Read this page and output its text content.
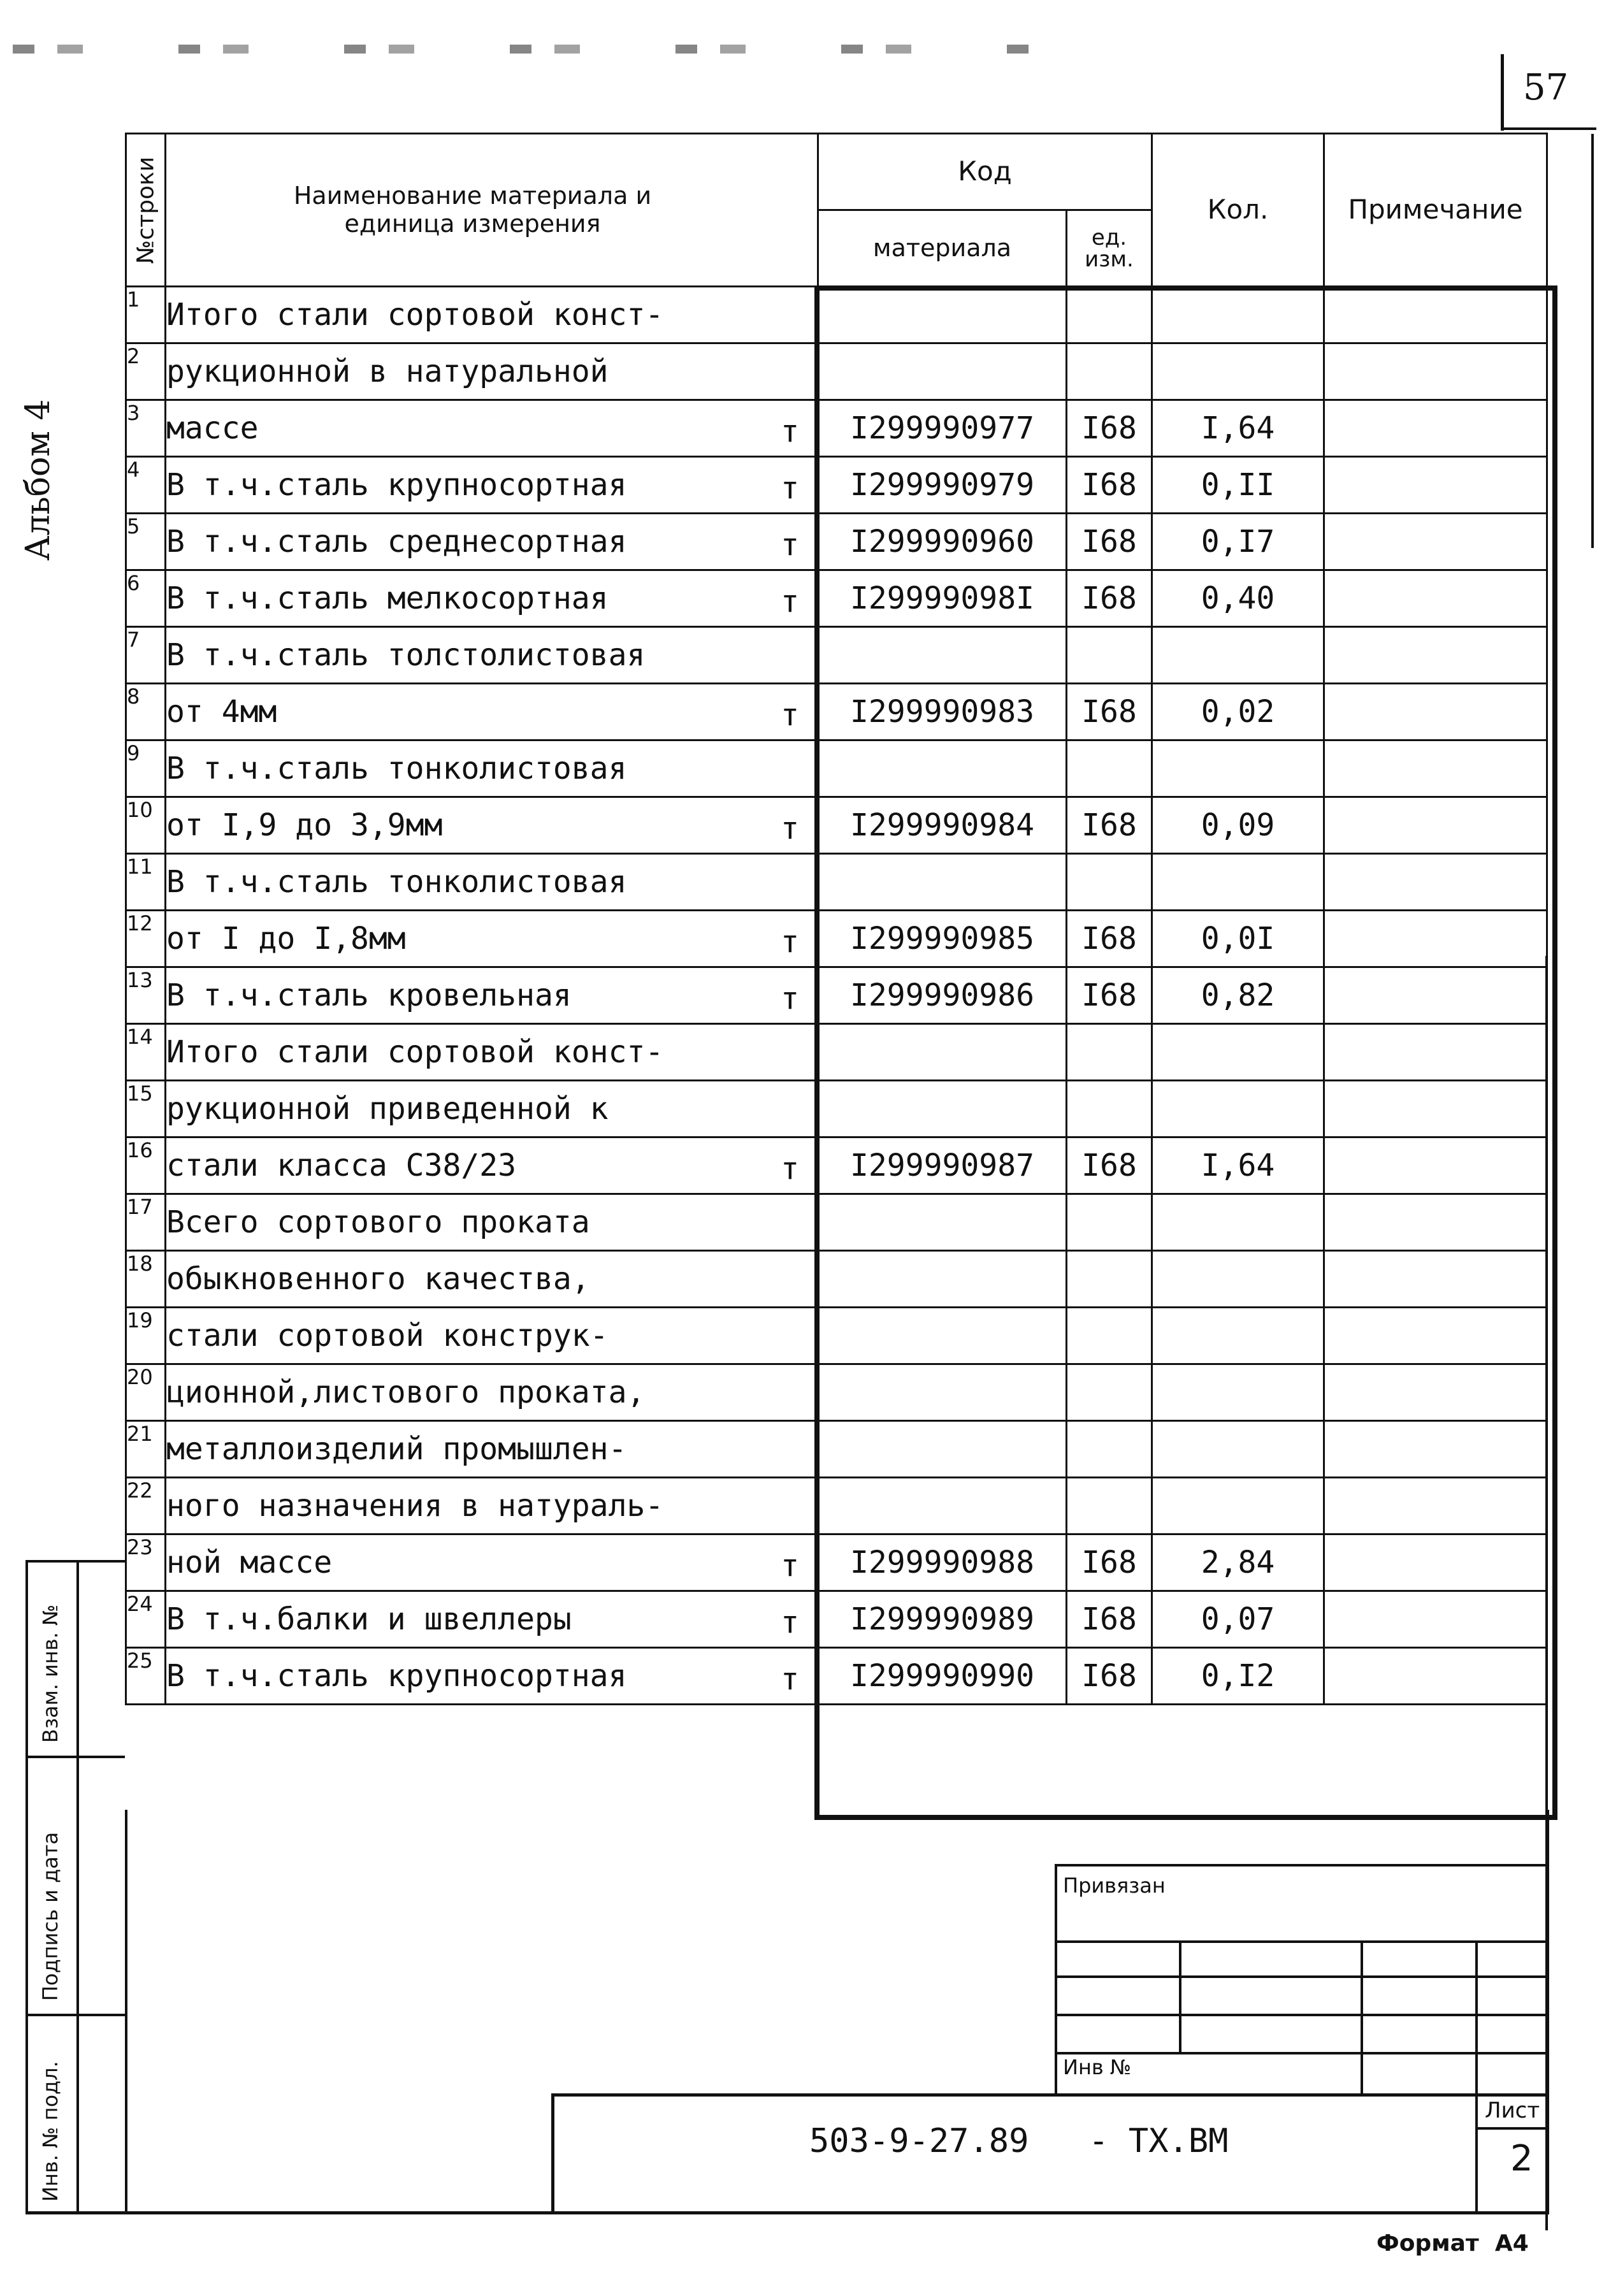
57
Альбом 4
№строки	Наименование материала и единица измерения	Код		Кол.	Примечание
		материала	ед. изм.		
1	Итого стали сортовой конст-

2	рукционной в натуральной

3	массе т	I299990977	I68	I,64	
4	В т.ч.сталь крупносортная т	I299990979	I68	0,II	
5	В т.ч.сталь среднесортная т	I299990960	I68	0,I7	
6	В т.ч.сталь мелкосортная т	I29999098I	I68	0,40	
7	В т.ч.сталь толстолистовая

8	от 4мм т	I299990983	I68	0,02	
9	В т.ч.сталь тонколистовая

10	от I,9 до 3,9мм т	I299990984	I68	0,09	
11	В т.ч.сталь тонколистовая

12	от I до I,8мм т	I299990985	I68	0,0I	
13	В т.ч.сталь кровельная т	I299990986	I68	0,82	
14	Итого стали сортовой конст-

15	рукционной приведенной к

16	стали класса С38/23 т	I299990987	I68	I,64	
17	Всего сортового проката

18	обыкновенного качества,

19	стали сортовой конструк-

20	ционной,листового проката,

21	металлоизделий промышлен-

22	ного назначения в натураль-

23	ной массе т	I299990988	I68	2,84	
24	В т.ч.балки и швеллеры т	I299990989	I68	0,07	
25	В т.ч.сталь крупносортная т	I299990990	I68	0,I2	
Взам. инв. №
Подпись и дата
Инв. № подл.
Привязан
Инв №
503-9-27.89   - ТХ.ВМ
Лист
2
Формат  А4
